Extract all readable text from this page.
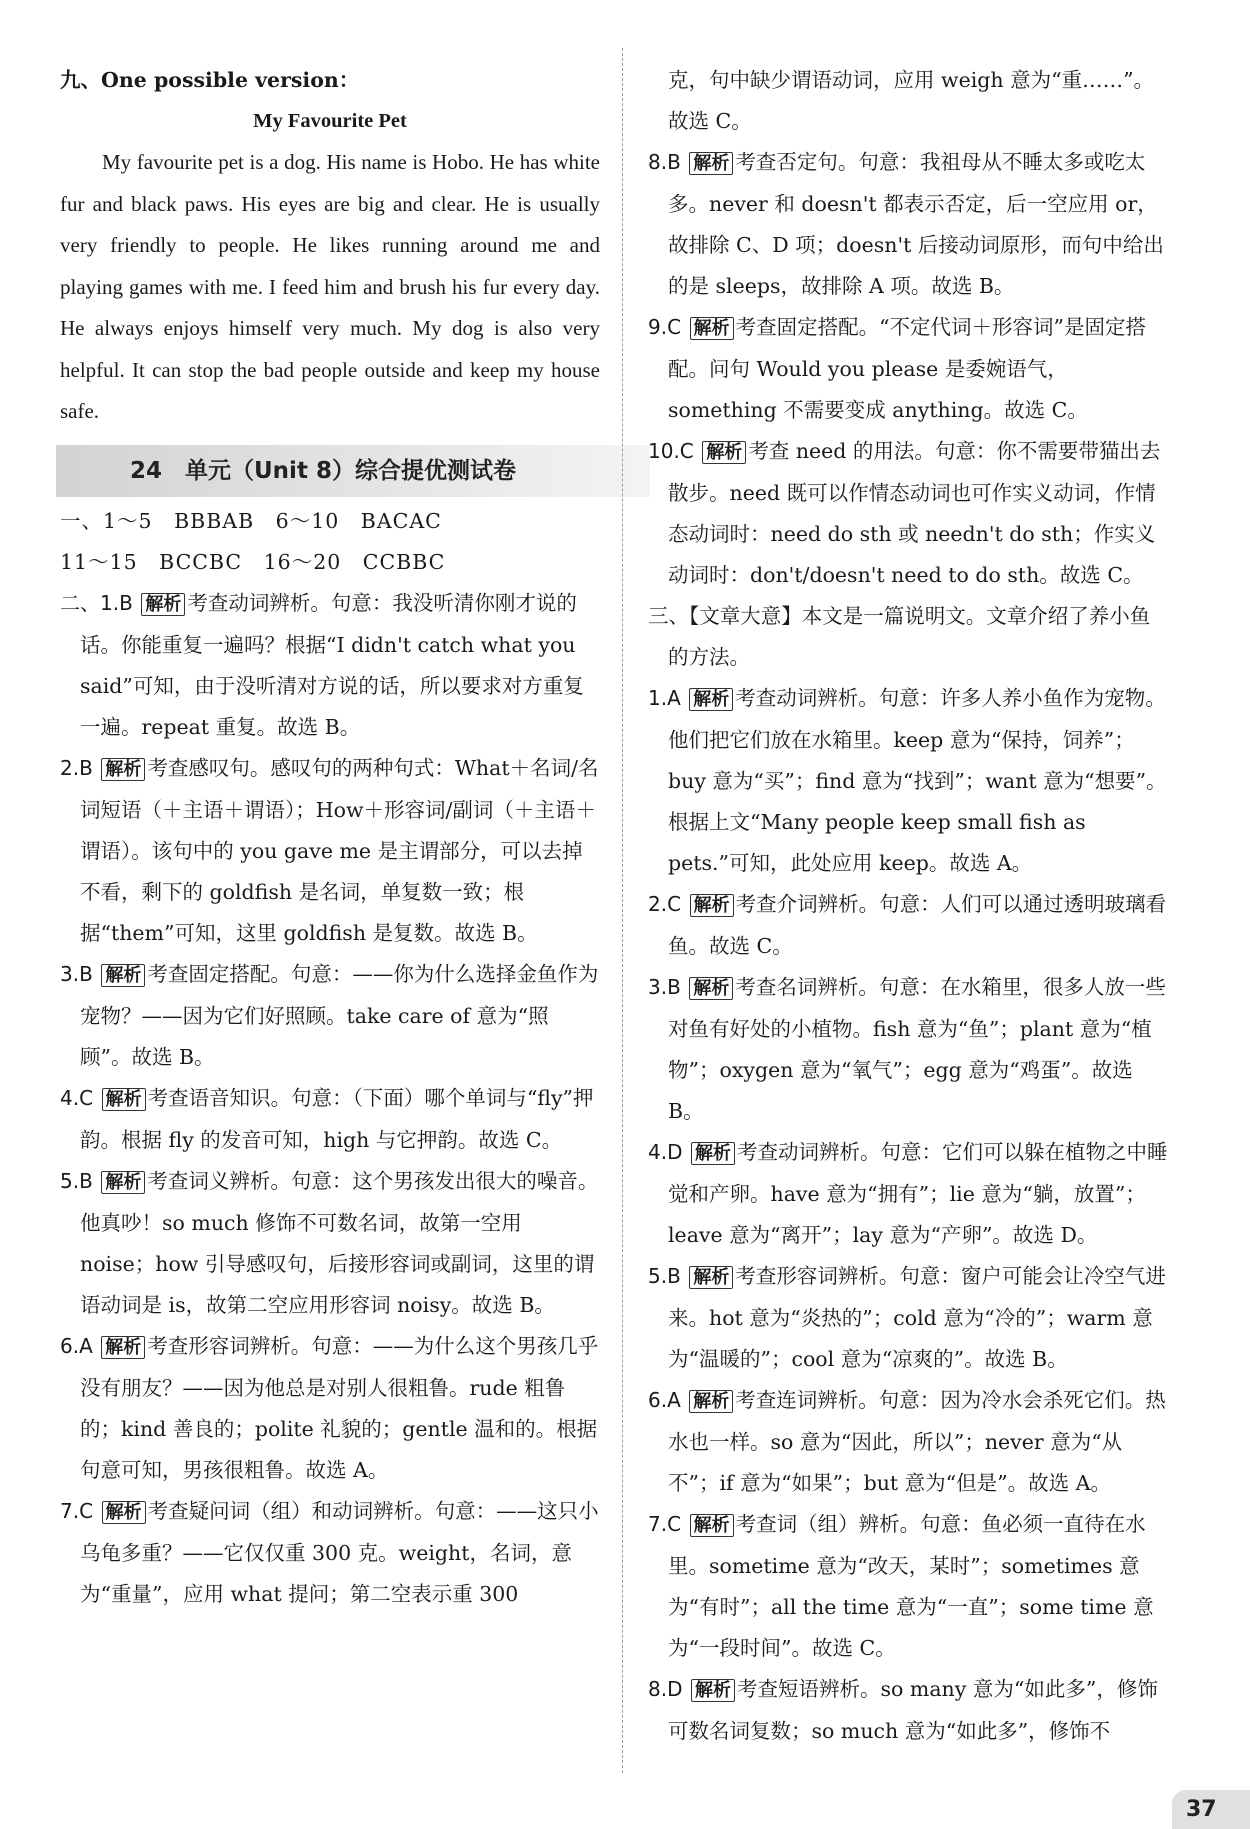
九、One possible version：

My Favourite Pet

My favourite pet is a dog. His name is Hobo. He has white fur and black paws. His eyes are big and clear. He is usually very friendly to people. He likes running around me and playing games with me. I feed him and brush his fur every day. He always enjoys himself very much. My dog is also very helpful. It can stop the bad people outside and keep my house safe.

24　单元（Unit 8）综合提优测试卷

一、1～5　BBBAB　6～10　BACAC

11～15　BCCBC　16～20　CCBBC

二、1.B 解析 考查动词辨析。句意：我没听清你刚才说的话。你能重复一遍吗？根据“I didn't catch what you said”可知，由于没听清对方说的话，所以要求对方重复一遍。repeat 重复。故选 B。
2.B 解析 考查感叹句。感叹句的两种句式：What＋名词/名词短语（＋主语＋谓语）；How＋形容词/副词（＋主语＋谓语）。该句中的 you gave me 是主谓部分，可以去掉不看，剩下的 goldfish 是名词，单复数一致；根据“them”可知，这里 goldfish 是复数。故选 B。
3.B 解析 考查固定搭配。句意：——你为什么选择金鱼作为宠物？——因为它们好照顾。take care of 意为“照顾”。故选 B。
4.C 解析 考查语音知识。句意：（下面）哪个单词与“fly”押韵。根据 fly 的发音可知，high 与它押韵。故选 C。
5.B 解析 考查词义辨析。句意：这个男孩发出很大的噪音。他真吵！so much 修饰不可数名词，故第一空用 noise；how 引导感叹句，后接形容词或副词，这里的谓语动词是 is，故第二空应用形容词 noisy。故选 B。
6.A 解析 考查形容词辨析。句意：——为什么这个男孩几乎没有朋友？——因为他总是对别人很粗鲁。rude 粗鲁的；kind 善良的；polite 礼貌的；gentle 温和的。根据句意可知，男孩很粗鲁。故选 A。
7.C 解析 考查疑问词（组）和动词辨析。句意：——这只小乌龟多重？——它仅仅重 300 克。weight，名词，意为“重量”，应用 what 提问；第二空表示重 300

克，句中缺少谓语动词，应用 weigh 意为“重……”。故选 C。

8.B 解析 考查否定句。句意：我祖母从不睡太多或吃太多。never 和 doesn't 都表示否定，后一空应用 or，故排除 C、D 项；doesn't 后接动词原形，而句中给出的是 sleeps，故排除 A 项。故选 B。
9.C 解析 考查固定搭配。“不定代词＋形容词”是固定搭配。问句 Would you please 是委婉语气，something 不需要变成 anything。故选 C。
10.C 解析 考查 need 的用法。句意：你不需要带猫出去散步。need 既可以作情态动词也可作实义动词，作情态动词时：need do sth 或 needn't do sth；作实义动词时：don't/doesn't need to do sth。故选 C。

三、【文章大意】本文是一篇说明文。文章介绍了养小鱼的方法。

1.A 解析 考查动词辨析。句意：许多人养小鱼作为宠物。他们把它们放在水箱里。keep 意为“保持，饲养”；buy 意为“买”；find 意为“找到”；want 意为“想要”。根据上文“Many people keep small fish as pets.”可知，此处应用 keep。故选 A。
2.C 解析 考查介词辨析。句意：人们可以通过透明玻璃看鱼。故选 C。
3.B 解析 考查名词辨析。句意：在水箱里，很多人放一些对鱼有好处的小植物。fish 意为“鱼”；plant 意为“植物”；oxygen 意为“氧气”；egg 意为“鸡蛋”。故选 B。
4.D 解析 考查动词辨析。句意：它们可以躲在植物之中睡觉和产卵。have 意为“拥有”；lie 意为“躺，放置”；leave 意为“离开”；lay 意为“产卵”。故选 D。
5.B 解析 考查形容词辨析。句意：窗户可能会让冷空气进来。hot 意为“炎热的”；cold 意为“冷的”；warm 意为“温暖的”；cool 意为“凉爽的”。故选 B。
6.A 解析 考查连词辨析。句意：因为冷水会杀死它们。热水也一样。so 意为“因此，所以”；never 意为“从不”；if 意为“如果”；but 意为“但是”。故选 A。
7.C 解析 考查词（组）辨析。句意：鱼必须一直待在水里。sometime 意为“改天，某时”；sometimes 意为“有时”；all the time 意为“一直”；some time 意为“一段时间”。故选 C。
8.D 解析 考查短语辨析。so many 意为“如此多”，修饰可数名词复数；so much 意为“如此多”，修饰不
37
